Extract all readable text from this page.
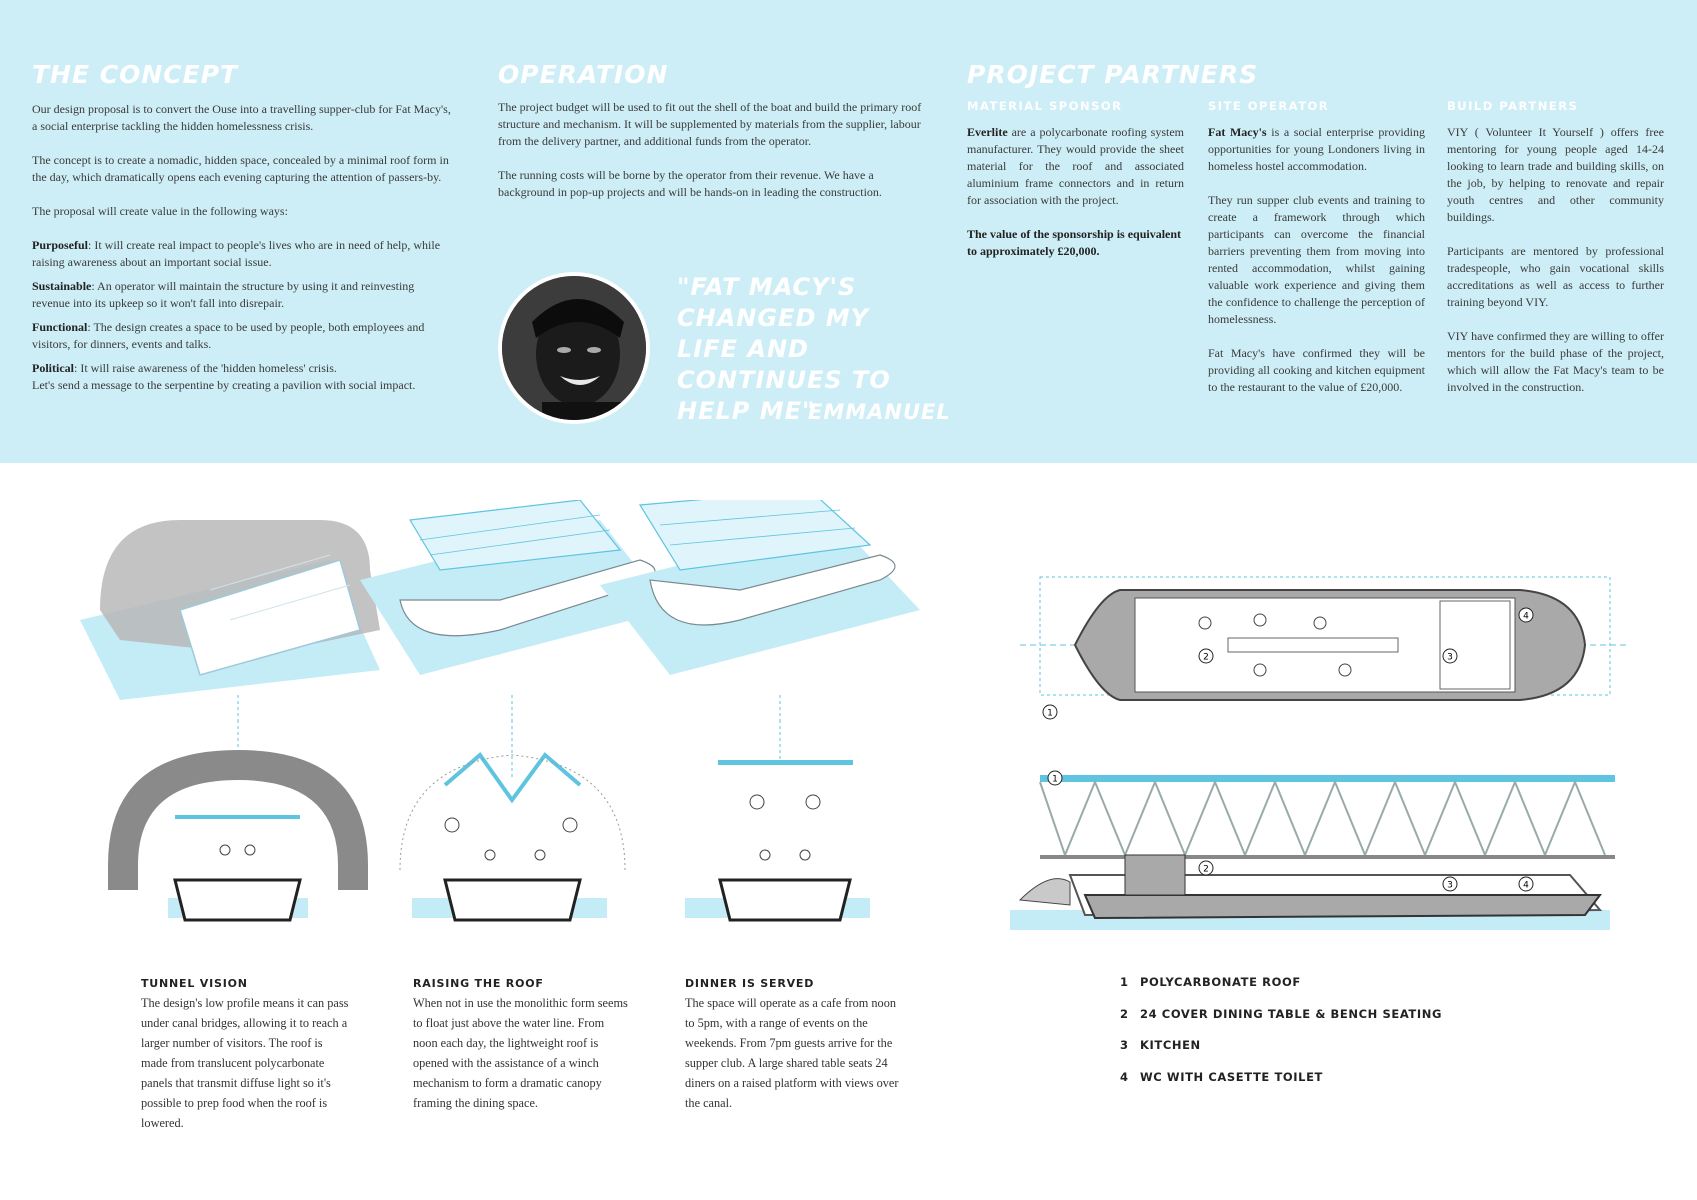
THE CONCEPT

Our design proposal is to convert the Ouse into a travelling supper-club for Fat Macy's, a social enterprise tackling the hidden homelessness crisis.

The concept is to create a nomadic, hidden space, concealed by a minimal roof form in the day, which dramatically opens each evening capturing the attention of passers-by.

The proposal will create value in the following ways:

Purposeful: It will create real impact to people's lives who are in need of help, while raising awareness about an important social issue.

Sustainable: An operator will maintain the structure by using it and reinvesting revenue into its upkeep so it won't fall into disrepair.

Functional: The design creates a space to be used by people, both employees and visitors, for dinners, events and talks.

Political: It will raise awareness of the 'hidden homeless' crisis.

Let's send a message to the serpentine by creating a pavilion with social impact.

OPERATION

The project budget will be used to fit out the shell of the boat and build the primary roof structure and mechanism. It will be supplemented by materials from the supplier, labour from the delivery partner, and additional funds from the operator.

The running costs will be borne by the operator from their revenue. We have a background in pop-up projects and will be hands-on in leading the construction.

"FAT MACY'S CHANGED MY LIFE AND CONTINUES TO HELP ME"
EMMANUEL
PROJECT PARTNERS
MATERIAL SPONSOR

Everlite are a polycarbonate roofing system manufacturer. They would provide the sheet material for the roof and associated aluminium frame connectors and in return for association with the project.

The value of the sponsorship is equivalent to approximately £20,000.

SITE OPERATOR

Fat Macy's is a social enterprise providing opportunities for young Londoners living in homeless hostel accommodation.

They run supper club events and training to create a framework through which participants can overcome the financial barriers preventing them from moving into rented accommodation, whilst gaining valuable work experience and giving them the confidence to challenge the perception of homelessness.

Fat Macy's have confirmed they will be providing all cooking and kitchen equipment to the restaurant to the value of £20,000.

BUILD PARTNERS

VIY ( Volunteer It Yourself ) offers free mentoring for young people aged 14-24 looking to learn trade and building skills, on the job, by helping to renovate and repair youth centres and other community buildings.

Participants are mentored by professional tradespeople, who gain vocational skills accreditations as well as access to further training beyond VIY.

VIY have confirmed they are willing to offer mentors for the build phase of the project, which will allow the Fat Macy's team to be involved in the construction.

1
1
2
2
3
3
4
4
TUNNEL VISION
The design's low profile means it can pass under canal bridges, allowing it to reach a larger number of visitors. The roof is made from translucent polycarbonate panels that transmit diffuse light so it's possible to prep food when the roof is lowered.
RAISING THE ROOF
When not in use the monolithic form seems to float just above the water line. From noon each day, the lightweight roof is opened with the assistance of a winch mechanism to form a dramatic canopy framing the dining space.
DINNER IS SERVED
The space will operate as a cafe from noon to 5pm, with a range of events on the weekends. From 7pm guests arrive for the supper club. A large shared table seats 24 diners on a raised platform with views over the canal.
1 POLYCARBONATE ROOF
2 24 COVER DINING TABLE & BENCH SEATING
3 KITCHEN
4 WC WITH CASETTE TOILET
